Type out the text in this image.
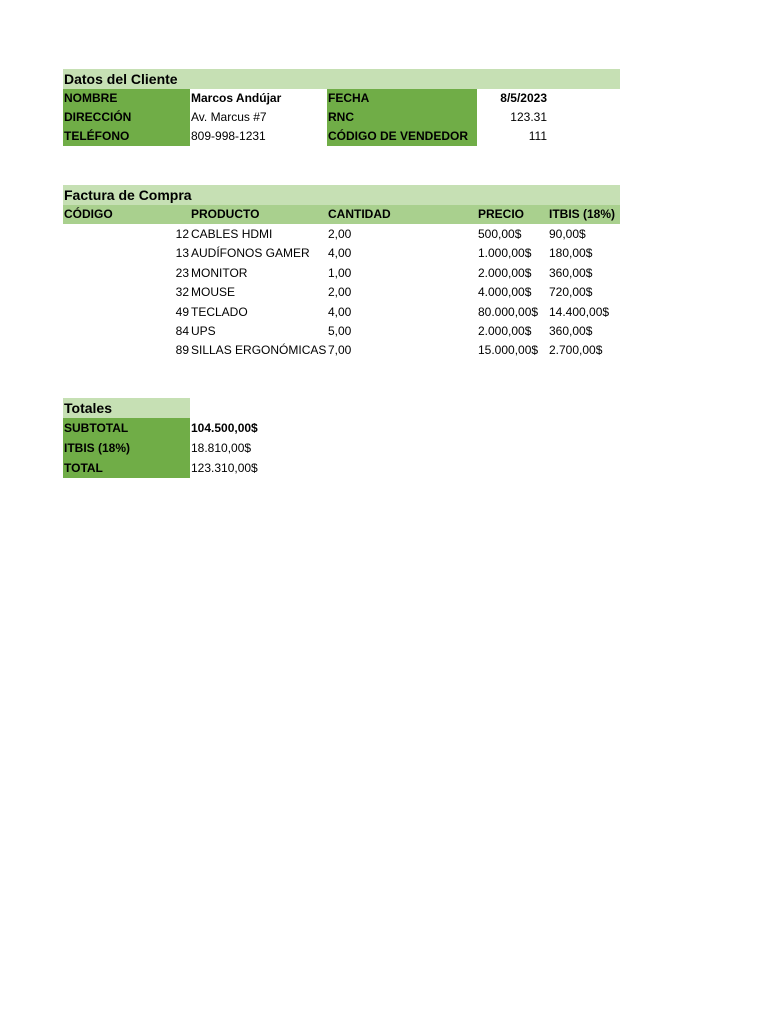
Datos del Cliente
NOMBRE	Marcos Andújar	FECHA	8/5/2023
DIRECCIÓN	Av. Marcus #7	RNC	123.31
TELÉFONO	809-998-1231	CÓDIGO DE VENDEDOR	111
Factura de Compra
CÓDIGO	PRODUCTO	CANTIDAD	PRECIO	ITBIS (18%)
12 CABLES HDMI	2,00	500,00$	90,00$
13 AUDÍFONOS GAMER	4,00	1.000,00$	180,00$
23 MONITOR	1,00	2.000,00$	360,00$
32 MOUSE	2,00	4.000,00$	720,00$
49 TECLADO	4,00	80.000,00$ 14.400,00$
84 UPS	5,00	2.000,00$	360,00$
89 SILLAS ERGONÓMICAS 7,00	15.000,00$ 2.700,00$
Totales
SUBTOTAL	104.500,00$
ITBIS (18%)	18.810,00$
TOTAL	123.310,00$
